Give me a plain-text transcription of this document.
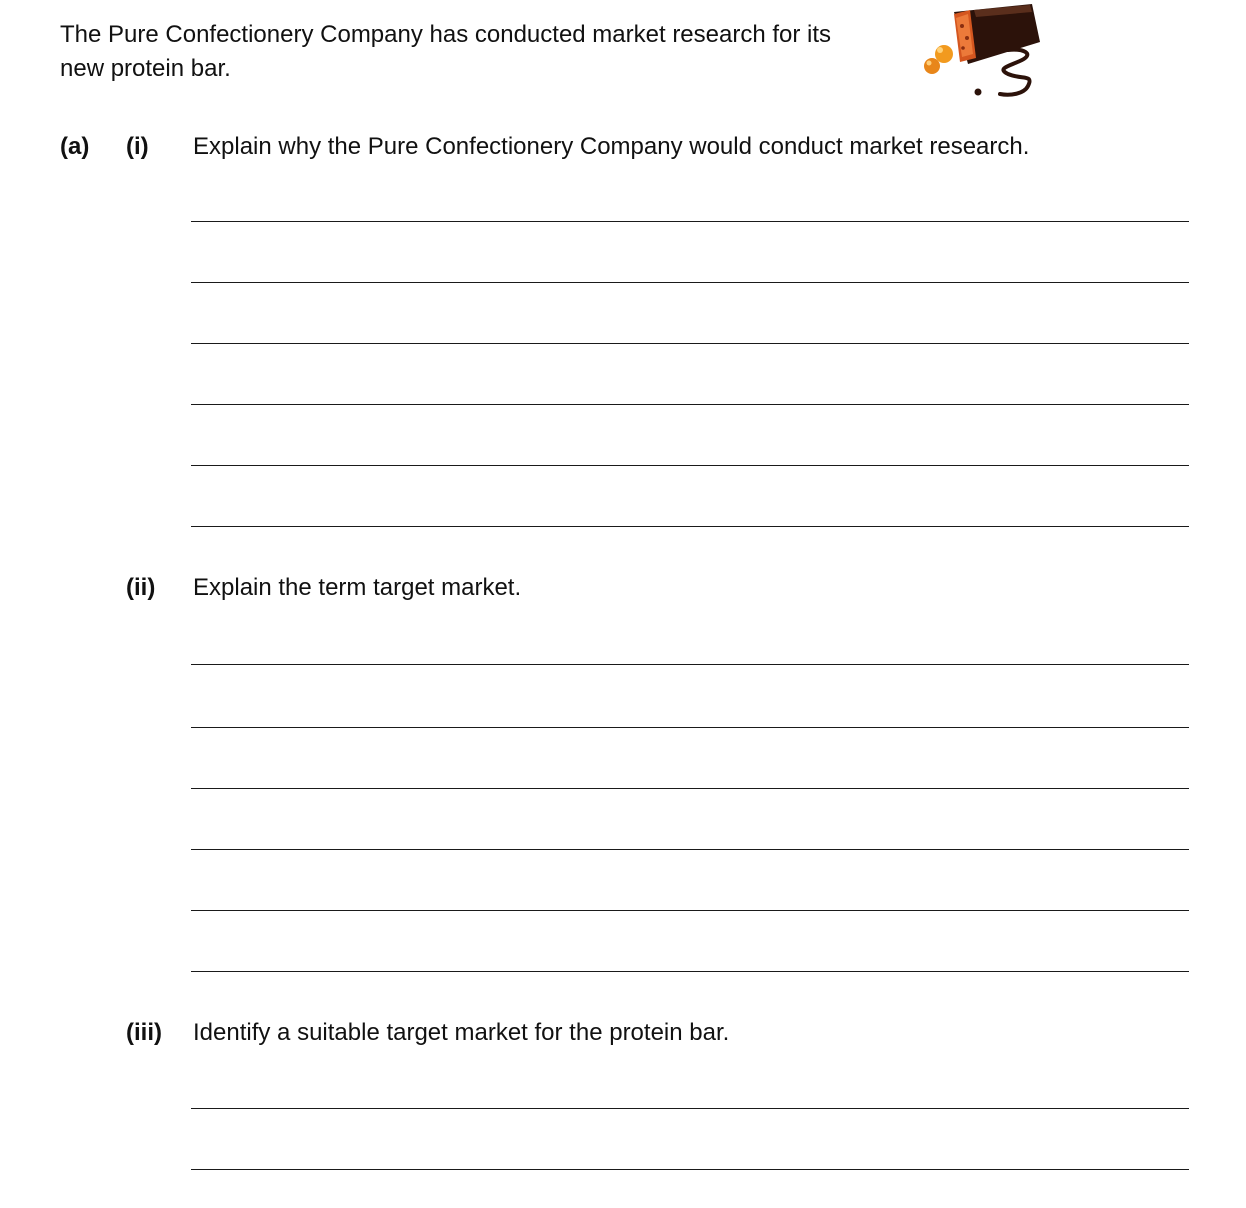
The Pure Confectionery Company has conducted market research for its
new protein bar.
(a) (i) Explain why the Pure Confectionery Company would conduct market research.
(ii) Explain the term target market.
(iii) Identify a suitable target market for the protein bar.
